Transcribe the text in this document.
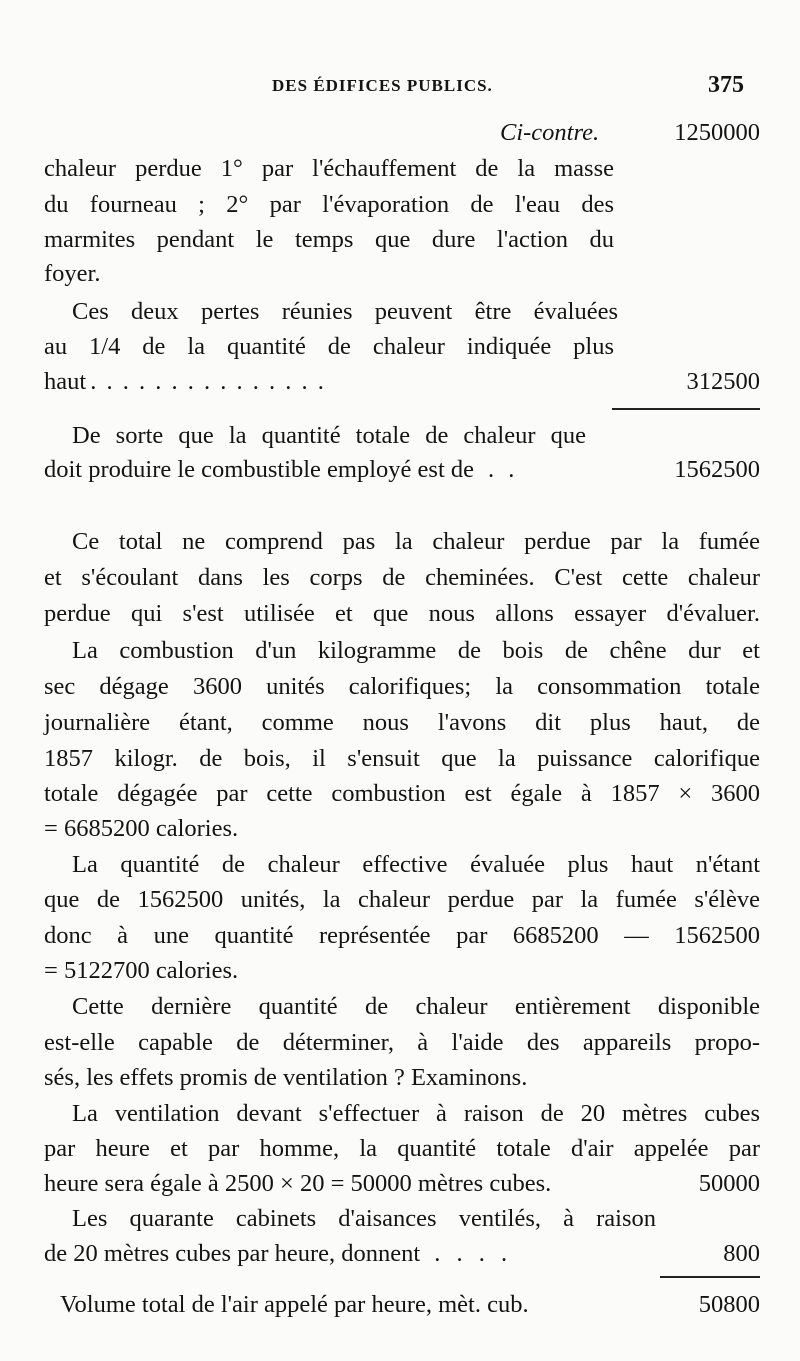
DES ÉDIFICES PUBLICS.	375
Ci-contre.	1250000
chaleur perdue 1° par l'échauffement de la masse
du fourneau ; 2° par l'évaporation de l'eau des
marmites pendant le temps que dure l'action du
foyer.
Ces deux pertes réunies peuvent être évaluées
au 1/4 de la quantité de chaleur indiquée plus
haut . . . . . . . . . . . . . . .	312500
De sorte que la quantité totale de chaleur que
doit produire le combustible employé est de . .	1562500
Ce total ne comprend pas la chaleur perdue par la fumée
et s'écoulant dans les corps de cheminées. C'est cette chaleur
perdue qui s'est utilisée et que nous allons essayer d'évaluer.
La combustion d'un kilogramme de bois de chêne dur et
sec dégage 3600 unités calorifiques; la consommation totale
journalière étant, comme nous l'avons dit plus haut, de
1857 kilogr. de bois, il s'ensuit que la puissance calorifique
totale dégagée par cette combustion est égale à 1857 × 3600
= 6685200 calories.
La quantité de chaleur effective évaluée plus haut n'étant
que de 1562500 unités, la chaleur perdue par la fumée s'élève
donc à une quantité représentée par 6685200 — 1562500
= 5122700 calories.
Cette dernière quantité de chaleur entièrement disponible
est-elle capable de déterminer, à l'aide des appareils propo-
sés, les effets promis de ventilation ? Examinons.
La ventilation devant s'effectuer à raison de 20 mètres cubes
par heure et par homme, la quantité totale d'air appelée par
heure sera égale à 2500 × 20 = 50000 mètres cubes.	50000
Les quarante cabinets d'aisances ventilés, à raison
de 20 mètres cubes par heure, donnent . . . .	800
Volume total de l'air appelé par heure, mèt. cub.	50800
